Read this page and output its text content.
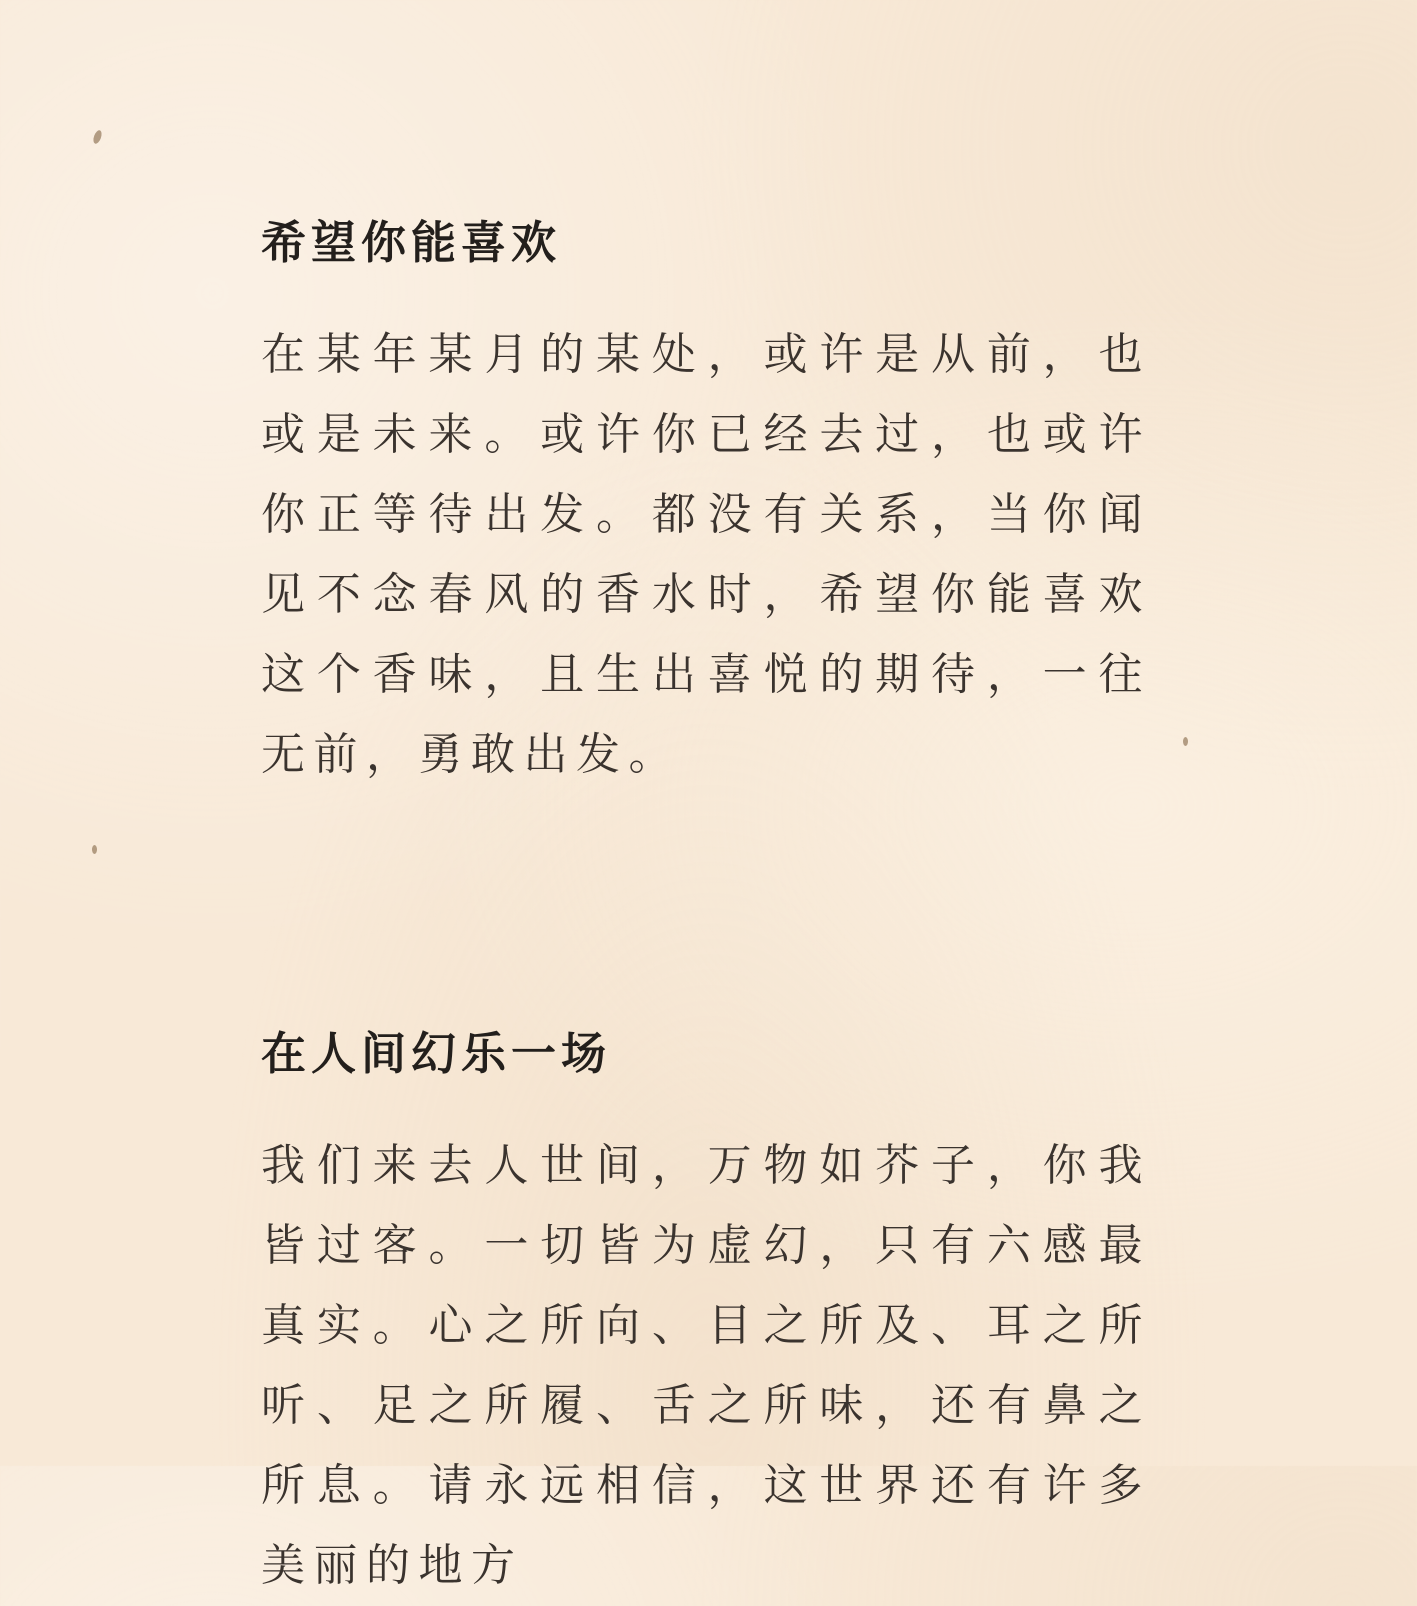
希望你能喜欢

在某年某月的某处，或许是从前，也或是未来。或许你已经去过，也或许你正等待出发。都没有关系，当你闻见不念春风的香水时，希望你能喜欢这个香味，且生出喜悦的期待，一往无前，勇敢出发。

在人间幻乐一场

我们来去人世间，万物如芥子，你我皆过客。一切皆为虚幻，只有六感最真实。心之所向、目之所及、耳之所听、足之所履、舌之所味，还有鼻之所息。请永远相信，这世界还有许多美丽的地方
